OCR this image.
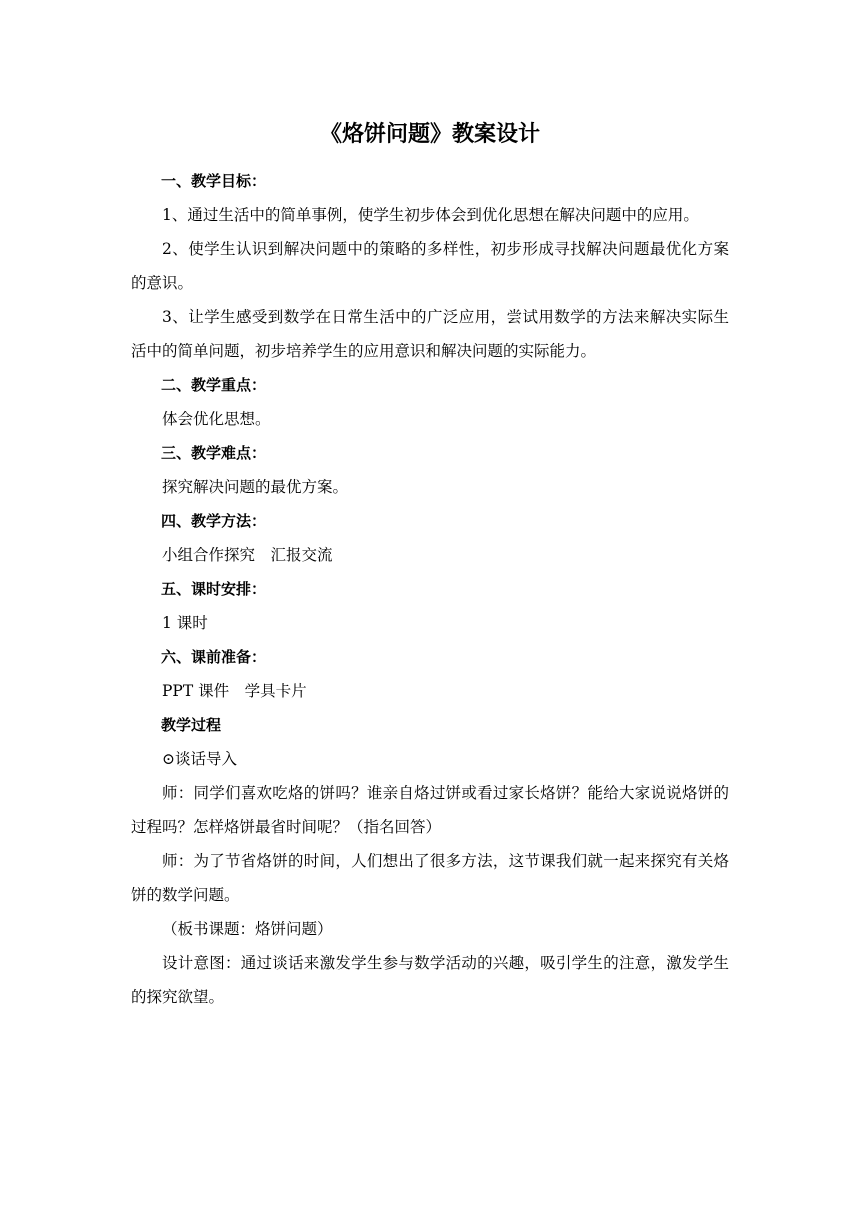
《烙饼问题》教案设计

一、教学目标：

1、通过生活中的简单事例，使学生初步体会到优化思想在解决问题中的应用。

2、使学生认识到解决问题中的策略的多样性，初步形成寻找解决问题最优化方案的意识。

3、让学生感受到数学在日常生活中的广泛应用，尝试用数学的方法来解决实际生活中的简单问题，初步培养学生的应用意识和解决问题的实际能力。

二、教学重点：

体会优化思想。

三、教学难点：

探究解决问题的最优方案。

四、教学方法：

小组合作探究　汇报交流

五、课时安排：

1 课时

六、课前准备：

PPT 课件　学具卡片

教学过程

⊙谈话导入

师：同学们喜欢吃烙的饼吗？谁亲自烙过饼或看过家长烙饼？能给大家说说烙饼的过程吗？怎样烙饼最省时间呢？（指名回答）

师：为了节省烙饼的时间，人们想出了很多方法，这节课我们就一起来探究有关烙饼的数学问题。

（板书课题：烙饼问题）

设计意图：通过谈话来激发学生参与数学活动的兴趣，吸引学生的注意，激发学生的探究欲望。
